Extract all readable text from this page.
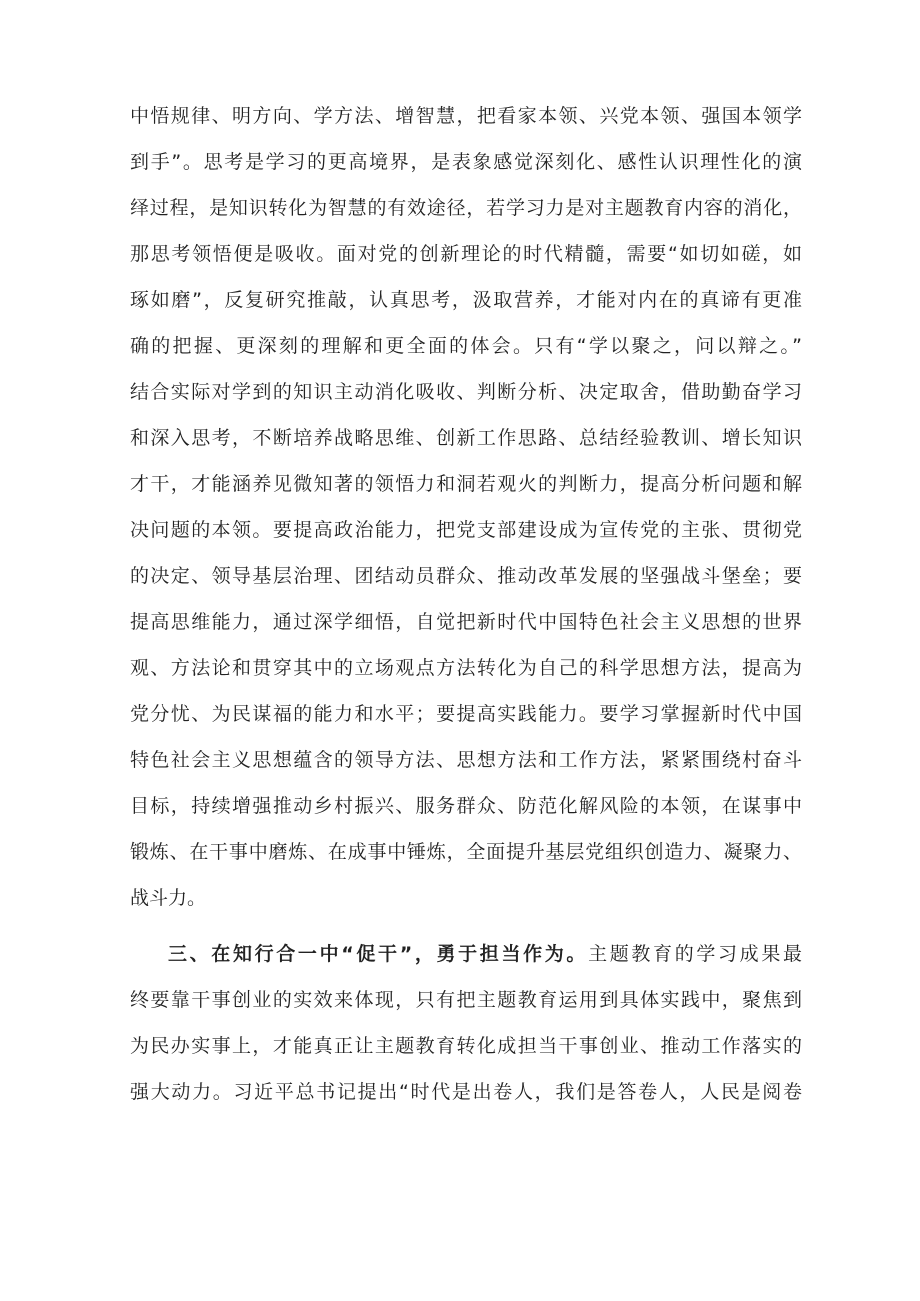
中悟规律、明方向、学方法、增智慧，把看家本领、兴党本领、强国本领学
到手”。思考是学习的更高境界，是表象感觉深刻化、感性认识理性化的演
绎过程，是知识转化为智慧的有效途径，若学习力是对主题教育内容的消化，
那思考领悟便是吸收。面对党的创新理论的时代精髓，需要“如切如磋，如
琢如磨”，反复研究推敲，认真思考，汲取营养，才能对内在的真谛有更准
确的把握、更深刻的理解和更全面的体会。只有“学以聚之，问以辩之。”
结合实际对学到的知识主动消化吸收、判断分析、决定取舍，借助勤奋学习
和深入思考，不断培养战略思维、创新工作思路、总结经验教训、增长知识
才干，才能涵养见微知著的领悟力和洞若观火的判断力，提高分析问题和解
决问题的本领。要提高政治能力，把党支部建设成为宣传党的主张、贯彻党
的决定、领导基层治理、团结动员群众、推动改革发展的坚强战斗堡垒；要
提高思维能力，通过深学细悟，自觉把新时代中国特色社会主义思想的世界
观、方法论和贯穿其中的立场观点方法转化为自己的科学思想方法，提高为
党分忧、为民谋福的能力和水平；要提高实践能力。要学习掌握新时代中国
特色社会主义思想蕴含的领导方法、思想方法和工作方法，紧紧围绕村奋斗
目标，持续增强推动乡村振兴、服务群众、防范化解风险的本领，在谋事中
锻炼、在干事中磨炼、在成事中锤炼，全面提升基层党组织创造力、凝聚力、
战斗力。
三、在知行合一中“促干”，勇于担当作为。主题教育的学习成果最
终要靠干事创业的实效来体现，只有把主题教育运用到具体实践中，聚焦到
为民办实事上，才能真正让主题教育转化成担当干事创业、推动工作落实的
强大动力。习近平总书记提出“时代是出卷人，我们是答卷人，人民是阅卷
